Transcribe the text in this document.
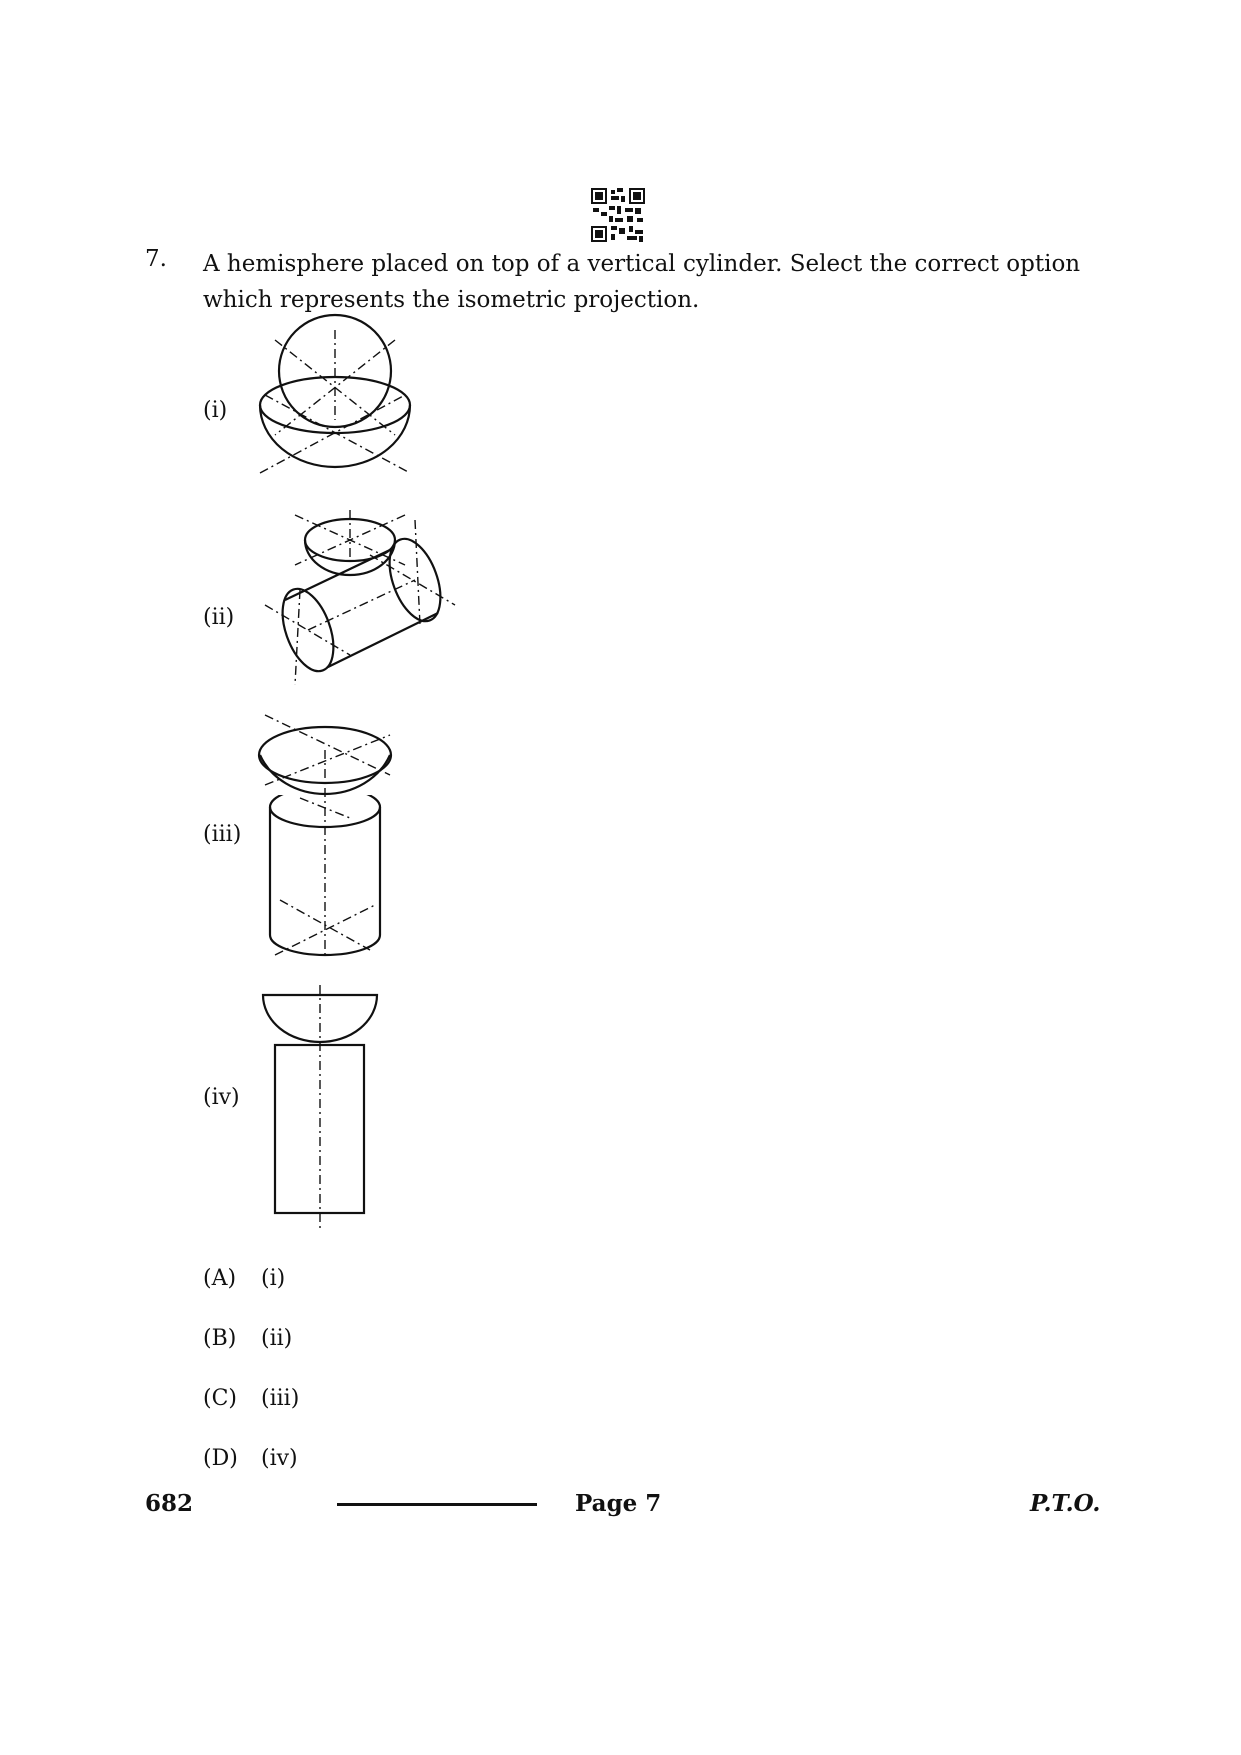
7. A hemisphere placed on top of a vertical cylinder. Select the correct option which represents the isometric projection.
(i)
(ii)
(iii)
(iv)
(A) (i)
(B) (ii)
(C) (iii)
(D) (iv)
682	Page 7	P.T.O.
